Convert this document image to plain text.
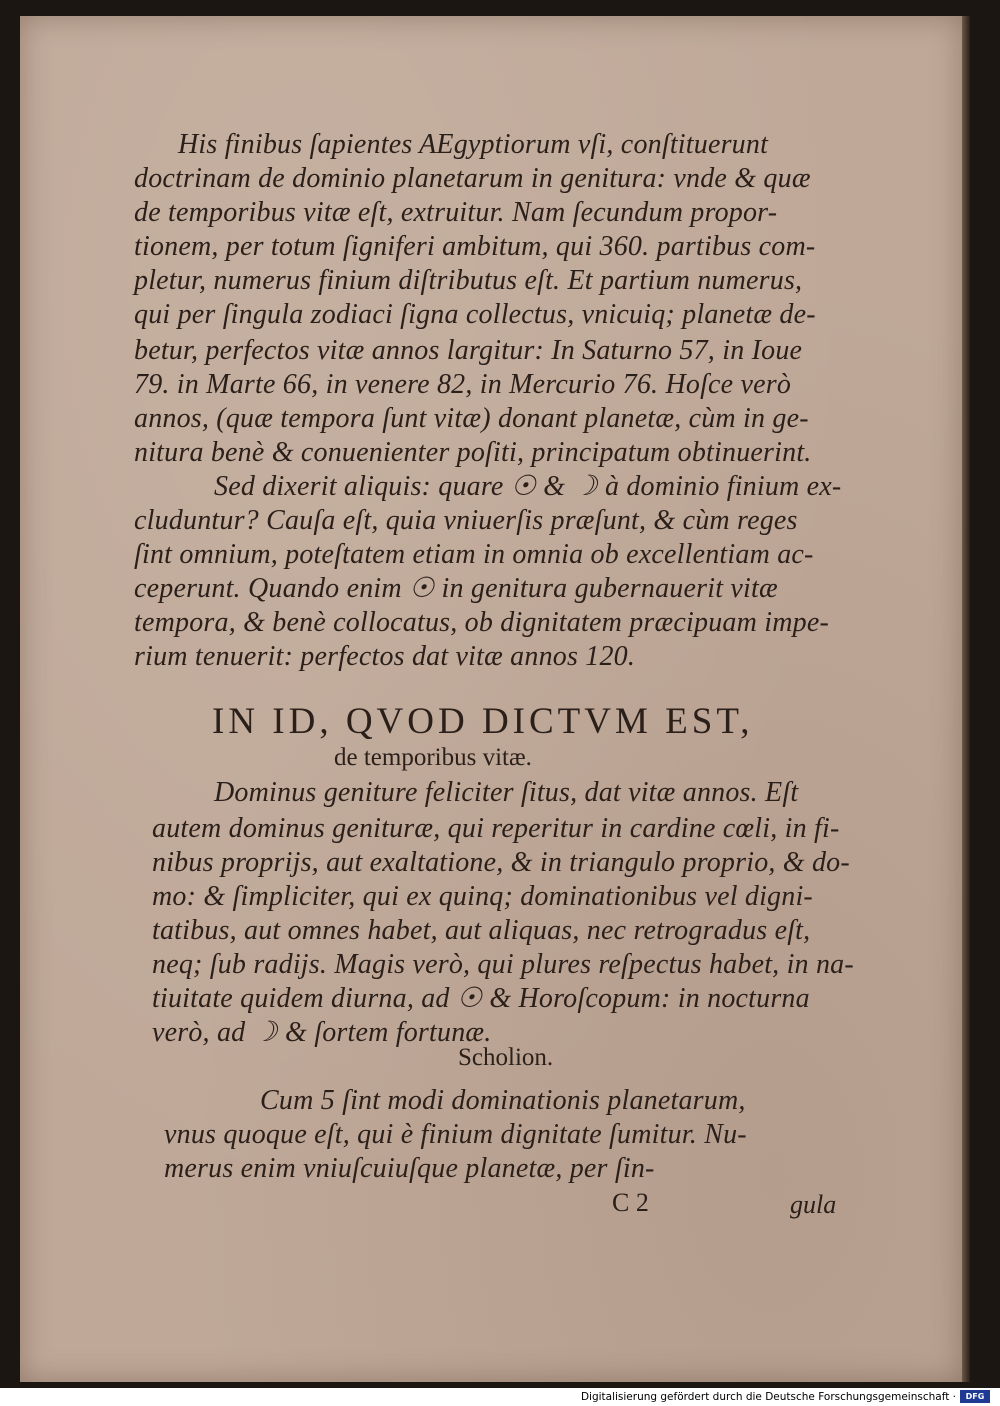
His finibus ſapientes AEgyptiorum vſi, conſtituerunt
doctrinam de dominio planetarum in genitura: vnde & quæ
de temporibus vitæ eſt, extruitur. Nam ſecundum propor-
tionem, per totum ſigniferi ambitum, qui 360. partibus com-
pletur, numerus finium diſtributus eſt. Et partium numerus,
qui per ſingula zodiaci ſigna collectus, vnicuiq; planetæ de-
betur, perfectos vitæ annos largitur: In Saturno 57, in Ioue
79. in Marte 66, in venere 82, in Mercurio 76. Hoſce verò
annos, (quæ tempora ſunt vitæ) donant planetæ, cùm in ge-
nitura benè & conuenienter poſiti, principatum obtinuerint.
Sed dixerit aliquis: quare ☉ & ☽ à dominio finium ex-
cluduntur? Cauſa eſt, quia vniuerſis præſunt, & cùm reges
ſint omnium, poteſtatem etiam in omnia ob excellentiam ac-
ceperunt. Quando enim ☉ in genitura gubernauerit vitæ
tempora, & benè collocatus, ob dignitatem præcipuam impe-
rium tenuerit: perfectos dat vitæ annos 120.
IN ID, QVOD DICTVM EST,
de temporibus vitæ.
Dominus geniture feliciter ſitus, dat vitæ annos. Eſt
autem dominus genituræ, qui reperitur in cardine cœli, in fi-
nibus proprijs, aut exaltatione, & in triangulo proprio, & do-
mo: & ſimpliciter, qui ex quinq; dominationibus vel digni-
tatibus, aut omnes habet, aut aliquas, nec retrogradus eſt,
neq; ſub radijs. Magis verò, qui plures reſpectus habet, in na-
tiuitate quidem diurna, ad ☉ & Horoſcopum: in nocturna
verò, ad ☽ & ſortem fortunæ.
Scholion.
Cum 5 ſint modi dominationis planetarum,
vnus quoque eſt, qui è finium dignitate ſumitur. Nu-
merus enim vniuſcuiuſque planetæ, per ſin-
C 2	gula
Digitalisierung gefördert durch die Deutsche Forschungsgemeinschaft ·	DFG
